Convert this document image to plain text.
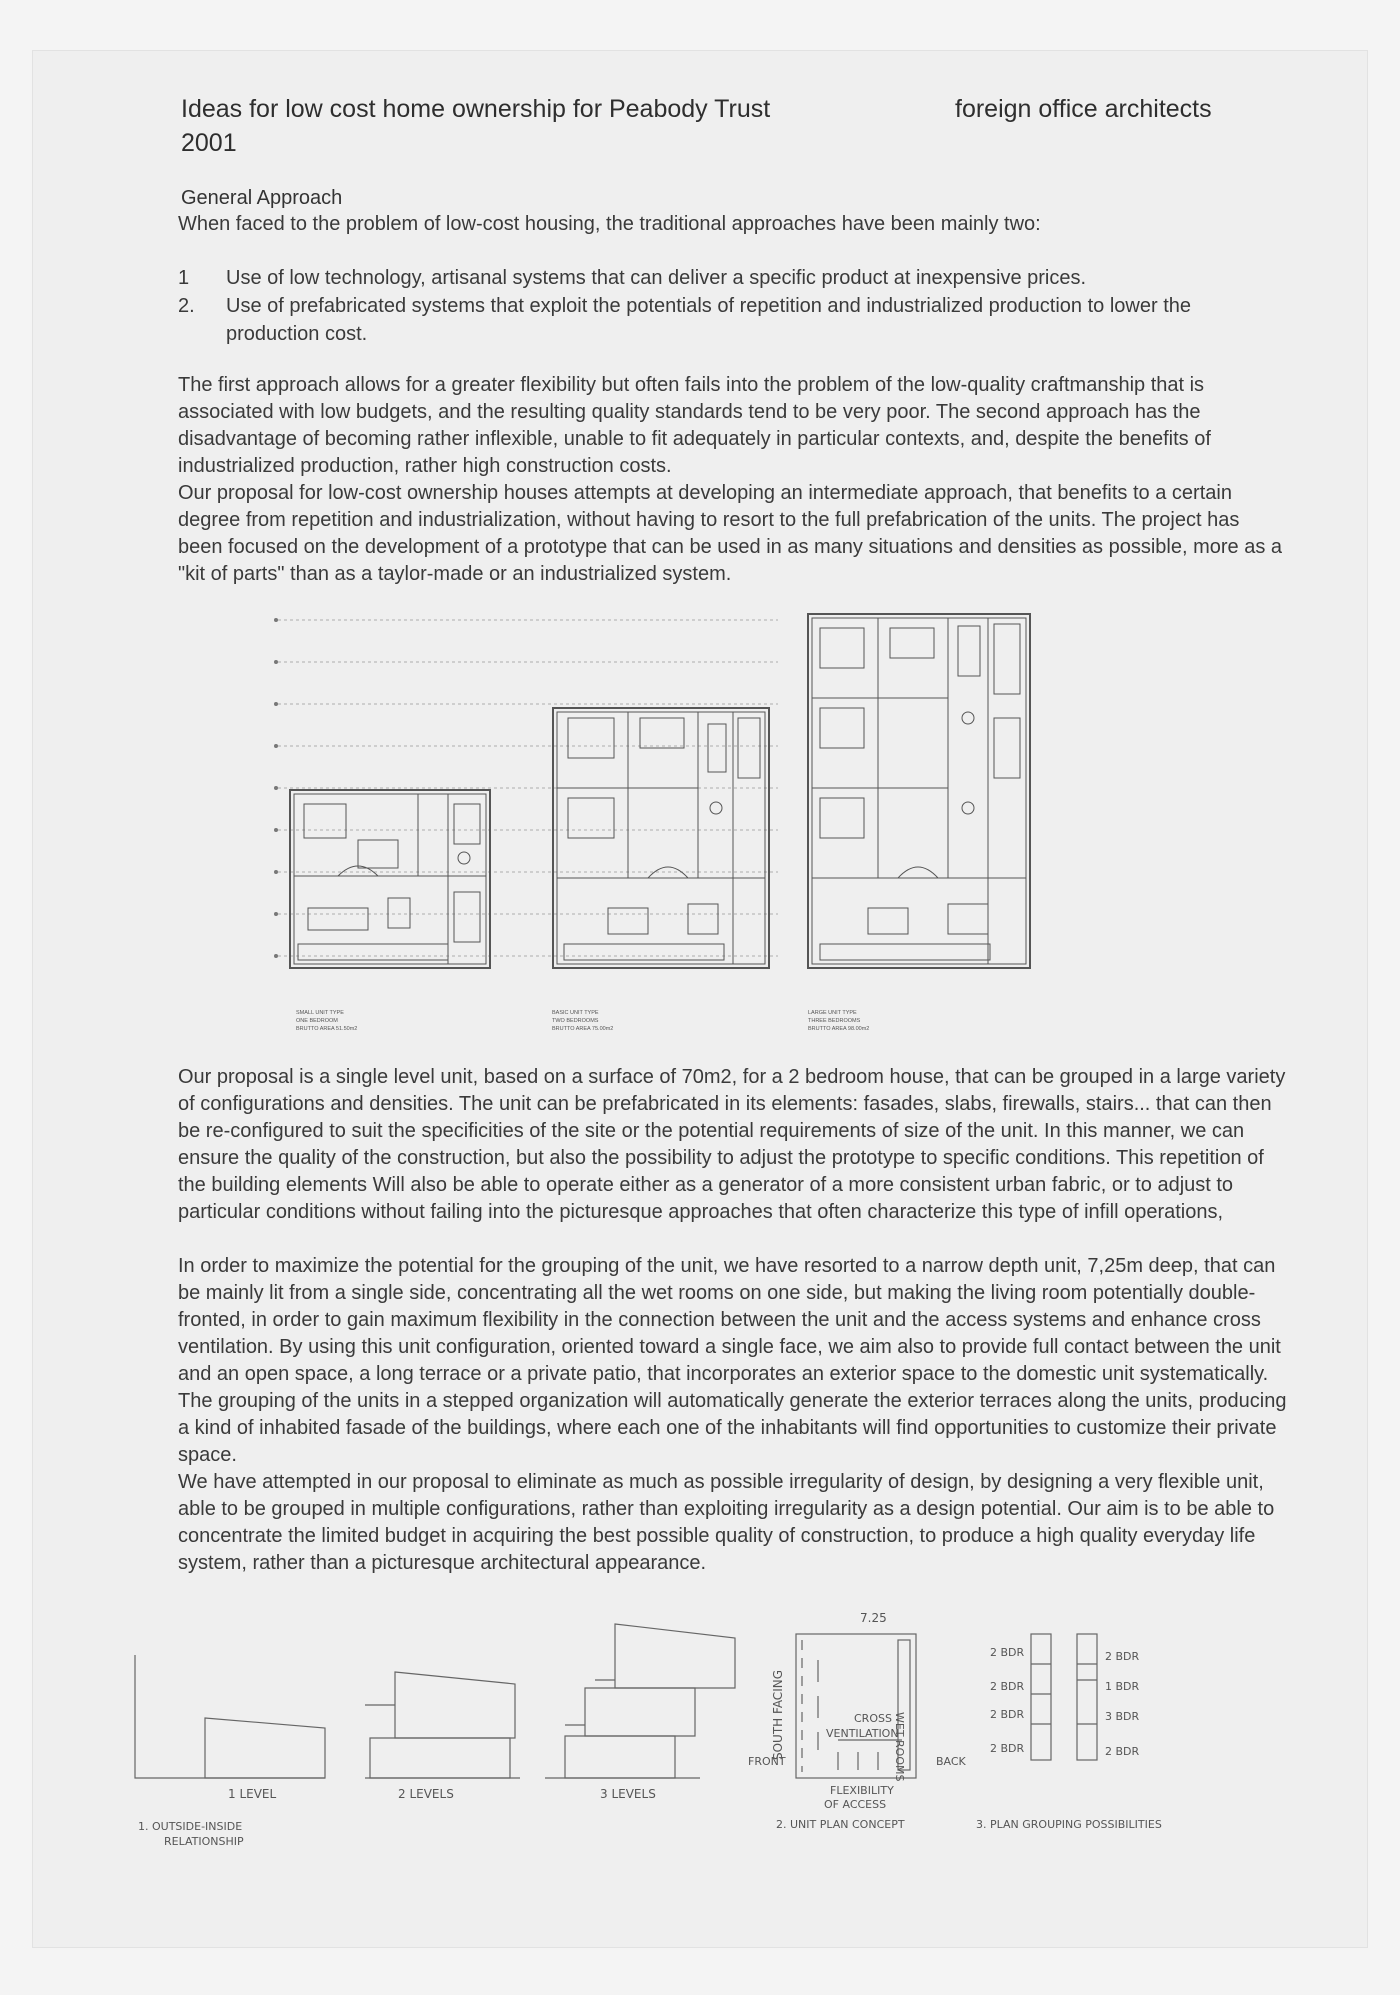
Ideas for low cost home ownership for Peabody Trust
2001
foreign office architects
General Approach

When faced to the problem of low-cost housing, the traditional approaches have been mainly two:

1	Use of low technology, artisanal systems that can deliver a specific product at inexpensive prices.
2.	Use of prefabricated systems that exploit the potentials of repetition and industrialized production to lower the production cost.

The first approach allows for a greater flexibility but often fails into the problem of the low-quality craftmanship that is associated with low budgets, and the resulting quality standards tend to be very poor. The second approach has the disadvantage of becoming rather inflexible, unable to fit adequately in particular contexts, and, despite the benefits of industrialized production, rather high construction costs.

Our proposal for low-cost ownership houses attempts at developing an intermediate approach, that benefits to a certain degree from repetition and industrialization, without having to resort to the full prefabrication of the units. The project has been focused on the development of a prototype that can be used in as many situations and densities as possible, more as a "kit of parts" than as a taylor-made or an industrialized system.

SMALL UNIT TYPE
ONE BEDROOM
BRUTTO AREA 51.50m2
BASIC UNIT TYPE
TWO BEDROOMS
BRUTTO AREA 75.00m2
LARGE UNIT TYPE
THREE BEDROOMS
BRUTTO AREA 98.00m2

Our proposal is a single level unit, based on a surface of 70m2, for a 2 bedroom house, that can be grouped in a large variety of configurations and densities. The unit can be prefabricated in its elements: fasades, slabs, firewalls, stairs... that can then be re-configured to suit the specificities of the site or the potential requirements of size of the unit. In this manner, we can ensure the quality of the construction, but also the possibility to adjust the prototype to specific conditions. This repetition of the building elements Will also be able to operate either as a generator of a more consistent urban fabric, or to adjust to particular conditions without failing into the picturesque approaches that often characterize this type of infill operations,

In order to maximize the potential for the grouping of the unit, we have resorted to a narrow depth unit, 7,25m deep, that can be mainly lit from a single side, concentrating all the wet rooms on one side, but making the living room potentially double-fronted, in order to gain maximum flexibility in the connection between the unit and the access systems and enhance cross ventilation. By using this unit configuration, oriented toward a single face, we aim also to provide full contact between the unit and an open space, a long terrace or a private patio, that incorporates an exterior space to the domestic unit systematically. The grouping of the units in a stepped organization will automatically generate the exterior terraces along the units, producing a kind of inhabited fasade of the buildings, where each one of the inhabitants will find opportunities to customize their private space.

We have attempted in our proposal to eliminate as much as possible irregularity of design, by designing a very flexible unit, able to be grouped in multiple configurations, rather than exploiting irregularity as a design potential. Our aim is to be able to concentrate the limited budget in acquiring the best possible quality of construction, to produce a high quality everyday life system, rather than a picturesque architectural appearance.

1 LEVEL	2 LEVELS	3 LEVELS
1. OUTSIDE-INSIDE
RELATIONSHIP
7.25
SOUTH FACING	WET ROOMS
CROSS
VENTILATION
FRONT	BACK
FLEXIBILITY
OF ACCESS
2. UNIT PLAN CONCEPT
2 BDR
2 BDR
2 BDR
2 BDR
2 BDR
1 BDR
3 BDR
2 BDR
3. PLAN GROUPING POSSIBILITIES
